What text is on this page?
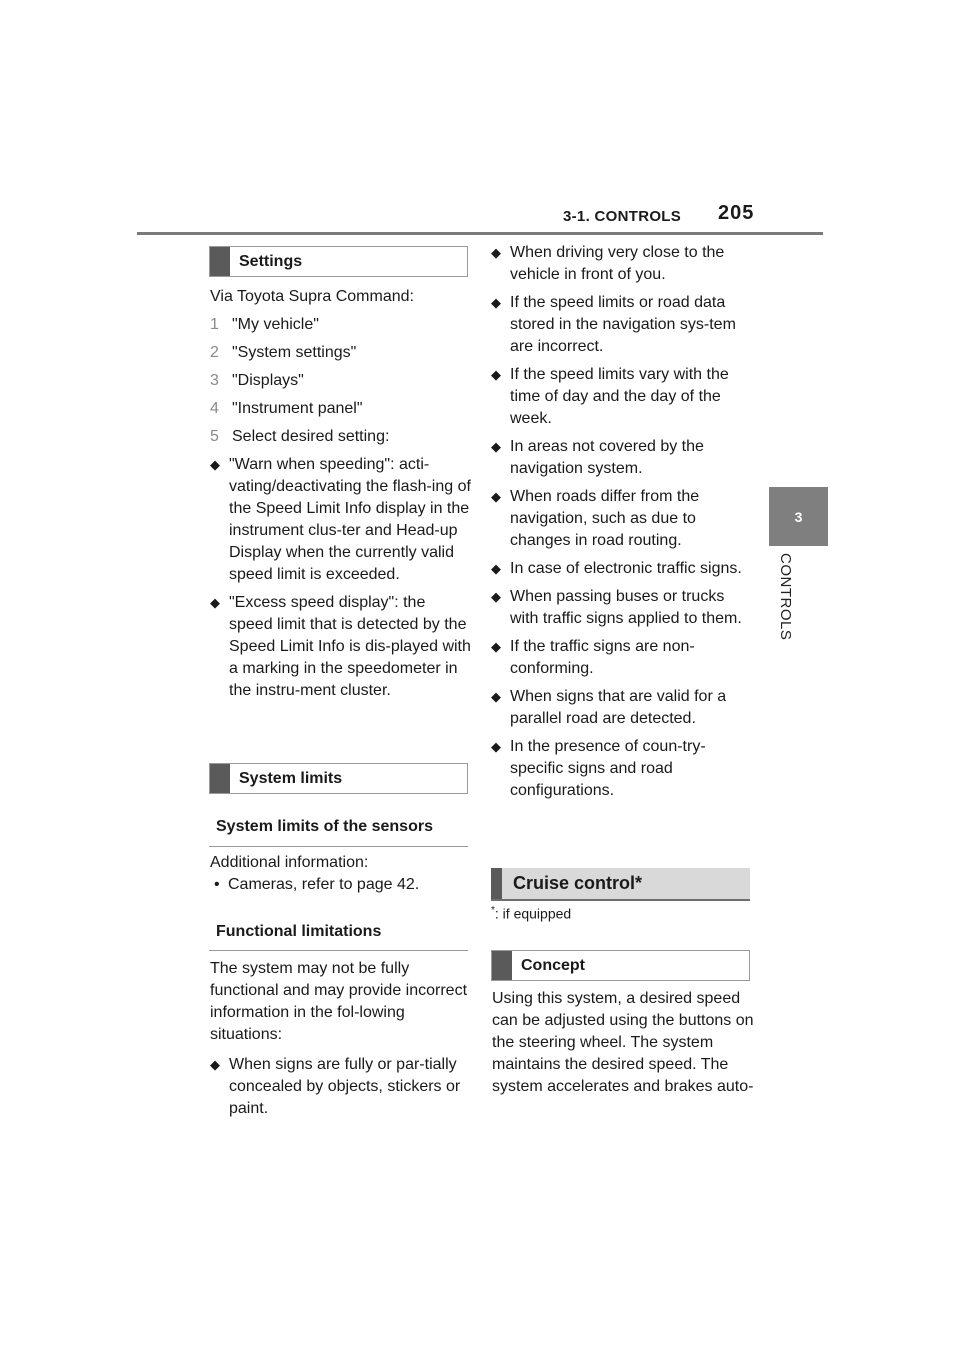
3-1. CONTROLS 205
3
CONTROLS
Settings
Via Toyota Supra Command:
1 "My vehicle"
2 "System settings"
3 "Displays"
4 "Instrument panel"
5 Select desired setting:
◆ "Warn when speeding": acti-vating/deactivating the flash-ing of the Speed Limit Info display in the instrument clus-ter and Head-up Display when the currently valid speed limit is exceeded.
◆ "Excess speed display": the speed limit that is detected by the Speed Limit Info is dis-played with a marking in the speedometer in the instru-ment cluster.
System limits
System limits of the sensors
Additional information:
• Cameras, refer to page 42.
Functional limitations
The system may not be fully functional and may provide incorrect information in the fol-lowing situations:
◆ When signs are fully or par-tially concealed by objects, stickers or paint.
◆ When driving very close to the vehicle in front of you.
◆ If the speed limits or road data stored in the navigation sys-tem are incorrect.
◆ If the speed limits vary with the time of day and the day of the week.
◆ In areas not covered by the navigation system.
◆ When roads differ from the navigation, such as due to changes in road routing.
◆ In case of electronic traffic signs.
◆ When passing buses or trucks with traffic signs applied to them.
◆ If the traffic signs are non-conforming.
◆ When signs that are valid for a parallel road are detected.
◆ In the presence of coun-try-specific signs and road configurations.
Cruise control*
*: if equipped
Concept
Using this system, a desired speed can be adjusted using the buttons on the steering wheel. The system maintains the desired speed. The system accelerates and brakes auto-
